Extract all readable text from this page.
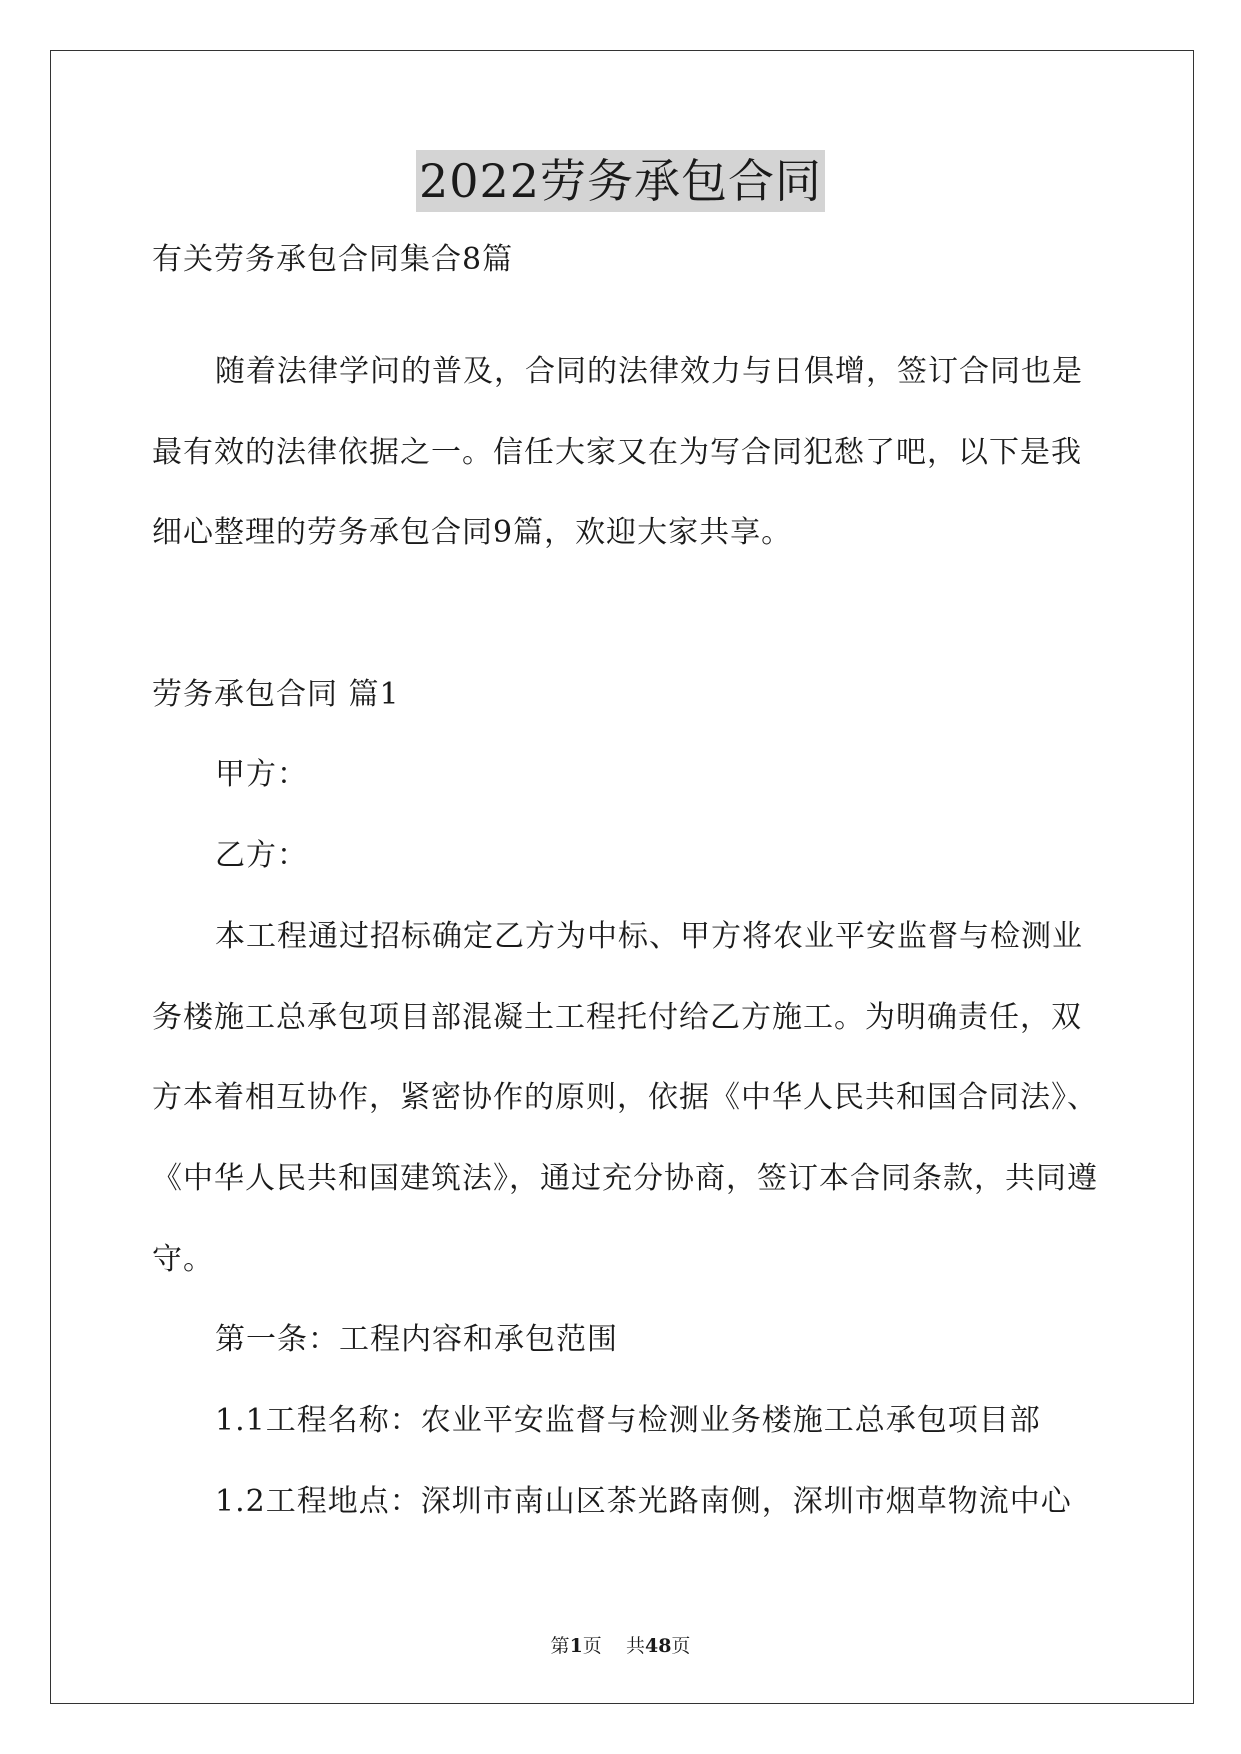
2022劳务承包合同
有关劳务承包合同集合8篇
随着法律学问的普及，合同的法律效力与日俱增，签订合同也是
最有效的法律依据之一。信任大家又在为写合同犯愁了吧，以下是我
细心整理的劳务承包合同9篇，欢迎大家共享。
劳务承包合同 篇1
甲方：
乙方：
本工程通过招标确定乙方为中标、甲方将农业平安监督与检测业
务楼施工总承包项目部混凝土工程托付给乙方施工。为明确责任，双
方本着相互协作，紧密协作的原则，依据《中华人民共和国合同法》、
《中华人民共和国建筑法》，通过充分协商，签订本合同条款，共同遵
守。
第一条：工程内容和承包范围
1.1工程名称：农业平安监督与检测业务楼施工总承包项目部
1.2工程地点：深圳市南山区茶光路南侧，深圳市烟草物流中心
第1页    共48页
